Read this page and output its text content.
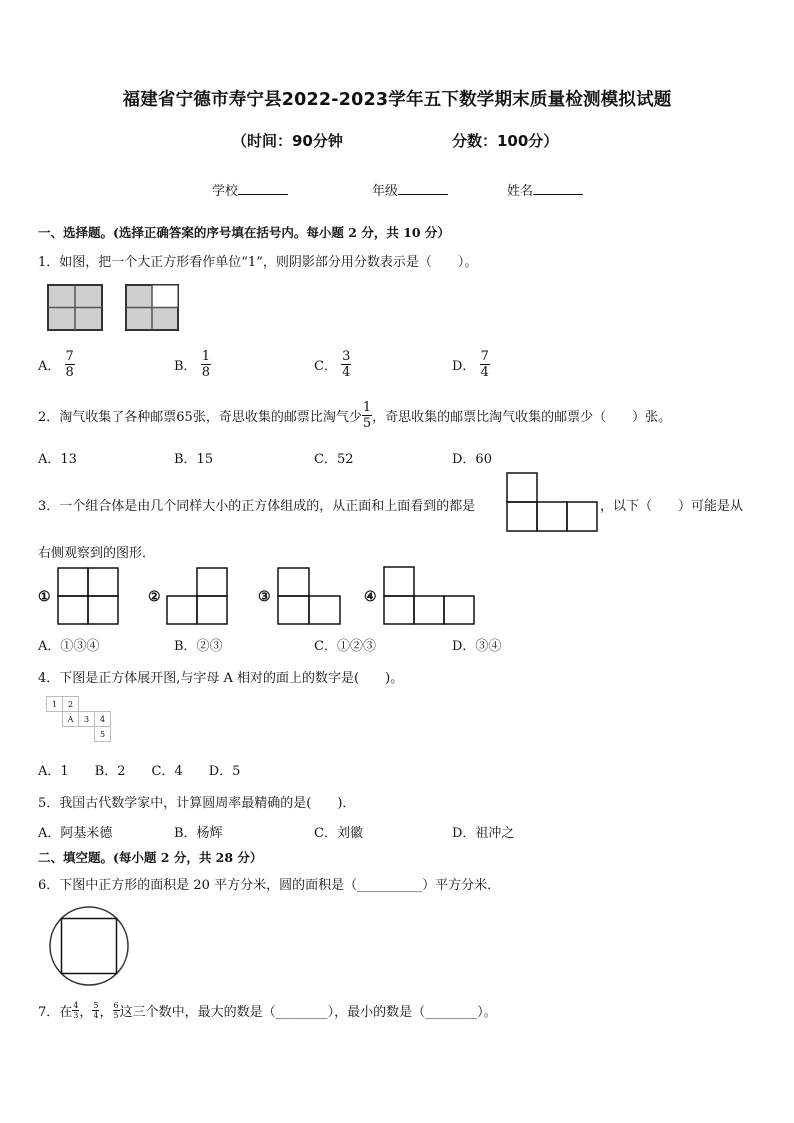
福建省宁德市寿宁县2022-2023学年五下数学期末质量检测模拟试题
（时间：90分钟	分数：100分）
学校	年级	姓名
一、选择题。(选择正确答案的序号填在括号内。每小题 2 分，共 10 分）
1．如图，把一个大正方形看作单位“1”，则阴影部分用分数表示是（　　）。
A． $\frac{7}{8}$	B． $\frac{1}{8}$	C． $\frac{3}{4}$	D． $\frac{7}{4}$
2．淘气收集了各种邮票65张，奇思收集的邮票比淘气少 $\frac{1}{5}$ ，奇思收集的邮票比淘气收集的邮票少（　　）张。
A．13	B．15	C．52	D．60
3．一个组合体是由几个同样大小的正方体组成的，从正面和上面看到的都是	，以下（　　）可能是从
右侧观察到的图形．
①	②	③	④
A．①③④	B．②③	C．①②③	D．③④
4．下图是正方体展开图,与字母 A 相对的面上的数字是(　　)。
1	2		
	A	3	4
			5
A．1　　B．2　　C．4　　D．5
5．我国古代数学家中，计算圆周率最精确的是(　　)．
A．阿基米德	B．杨辉	C．刘徽	D．祖冲之
二、填空题。(每小题 2 分，共 28 分）
6．下图中正方形的面积是 20 平方分米，圆的面积是（__________）平方分米．
7．在 $\frac{4}{3}$ ， $\frac{5}{4}$ ， $\frac{6}{5}$ 这三个数中，最大的数是（________），最小的数是（________）。
